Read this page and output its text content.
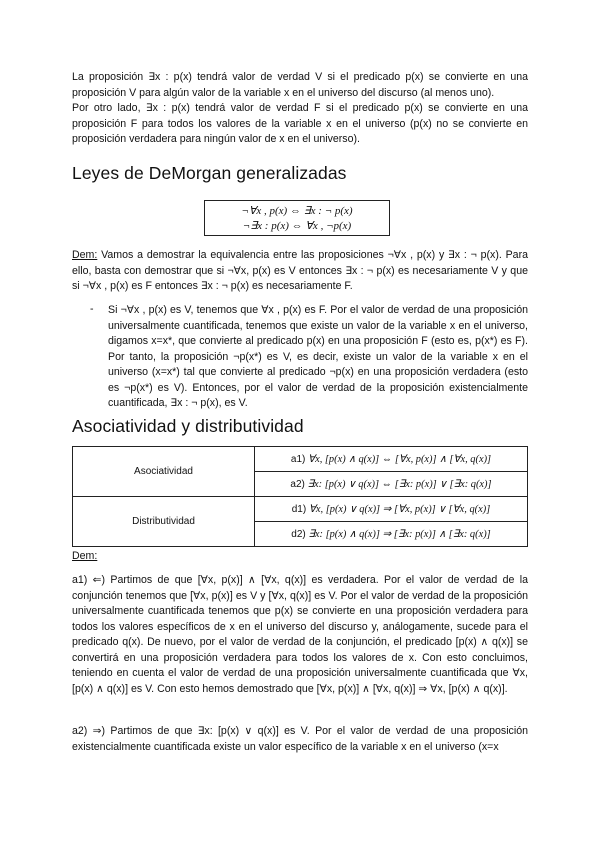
La proposición ∃x : p(x) tendrá valor de verdad V si el predicado p(x) se convierte en una proposición V para algún valor de la variable x en el universo del discurso (al menos uno).

Por otro lado, ∃x : p(x) tendrá valor de verdad F si el predicado p(x) se convierte en una proposición F para todos los valores de la variable x en el universo (p(x) no se convierte en proposición verdadera para ningún valor de x en el universo).

Leyes de DeMorgan generalizadas
¬∀x , p(x) ⇔ ∃x : ¬ p(x)
¬∃x : p(x) ⇔ ∀x , ¬p(x)

Dem: Vamos a demostrar la equivalencia entre las proposiciones ¬∀x , p(x) y ∃x : ¬ p(x). Para ello, basta con demostrar que si ¬∀x, p(x) es V entonces ∃x : ¬ p(x) es necesariamente V y que si ¬∀x , p(x) es F entonces ∃x : ¬ p(x) es necesariamente F.

- Si ¬∀x , p(x) es V, tenemos que ∀x , p(x) es F. Por el valor de verdad de una proposición universalmente cuantificada, tenemos que existe un valor de la variable x en el universo, digamos x=x*, que convierte al predicado p(x) en una proposición F (esto es, p(x*) es F). Por tanto, la proposición ¬p(x*) es V, es decir, existe un valor de la variable x en el universo (x=x*) tal que convierte al predicado ¬p(x) en una proposición verdadera (esto es ¬p(x*) es V). Entonces, por el valor de verdad de la proposición existencialmente cuantificada, ∃x : ¬ p(x), es V.

Asociatividad y distributividad
Asociatividad	a1) ∀x, [p(x) ∧ q(x)] ⇔ [∀x, p(x)] ∧ [∀x, q(x)]
	a2) ∃x: [p(x) ∨ q(x)] ⇔ [∃x: p(x)] ∨ [∃x: q(x)]
Distributividad	d1) ∀x, [p(x) ∨ q(x)] ⇒ [∀x, p(x)] ∨ [∀x, q(x)]
	d2) ∃x: [p(x) ∧ q(x)] ⇒ [∃x: p(x)] ∧ [∃x: q(x)]

Dem:

a1) ⇐) Partimos de que [∀x, p(x)] ∧ [∀x, q(x)] es verdadera. Por el valor de verdad de la conjunción tenemos que [∀x, p(x)] es V y [∀x, q(x)] es V. Por el valor de verdad de la proposición universalmente cuantificada tenemos que p(x) se convierte en una proposición verdadera para todos los valores específicos de x en el universo del discurso y, análogamente, sucede para el predicado q(x). De nuevo, por el valor de verdad de la conjunción, el predicado [p(x) ∧ q(x)] se convertirá en una proposición verdadera para todos los valores de x. Con esto concluimos, teniendo en cuenta el valor de verdad de una proposición universalmente cuantificada que ∀x, [p(x) ∧ q(x)] es V. Con esto hemos demostrado que [∀x, p(x)] ∧ [∀x, q(x)] ⇒ ∀x, [p(x) ∧ q(x)].

a2) ⇒) Partimos de que ∃x: [p(x) ∨ q(x)] es V. Por el valor de verdad de una proposición existencialmente cuantificada existe un valor específico de la variable x en el universo (x=x
